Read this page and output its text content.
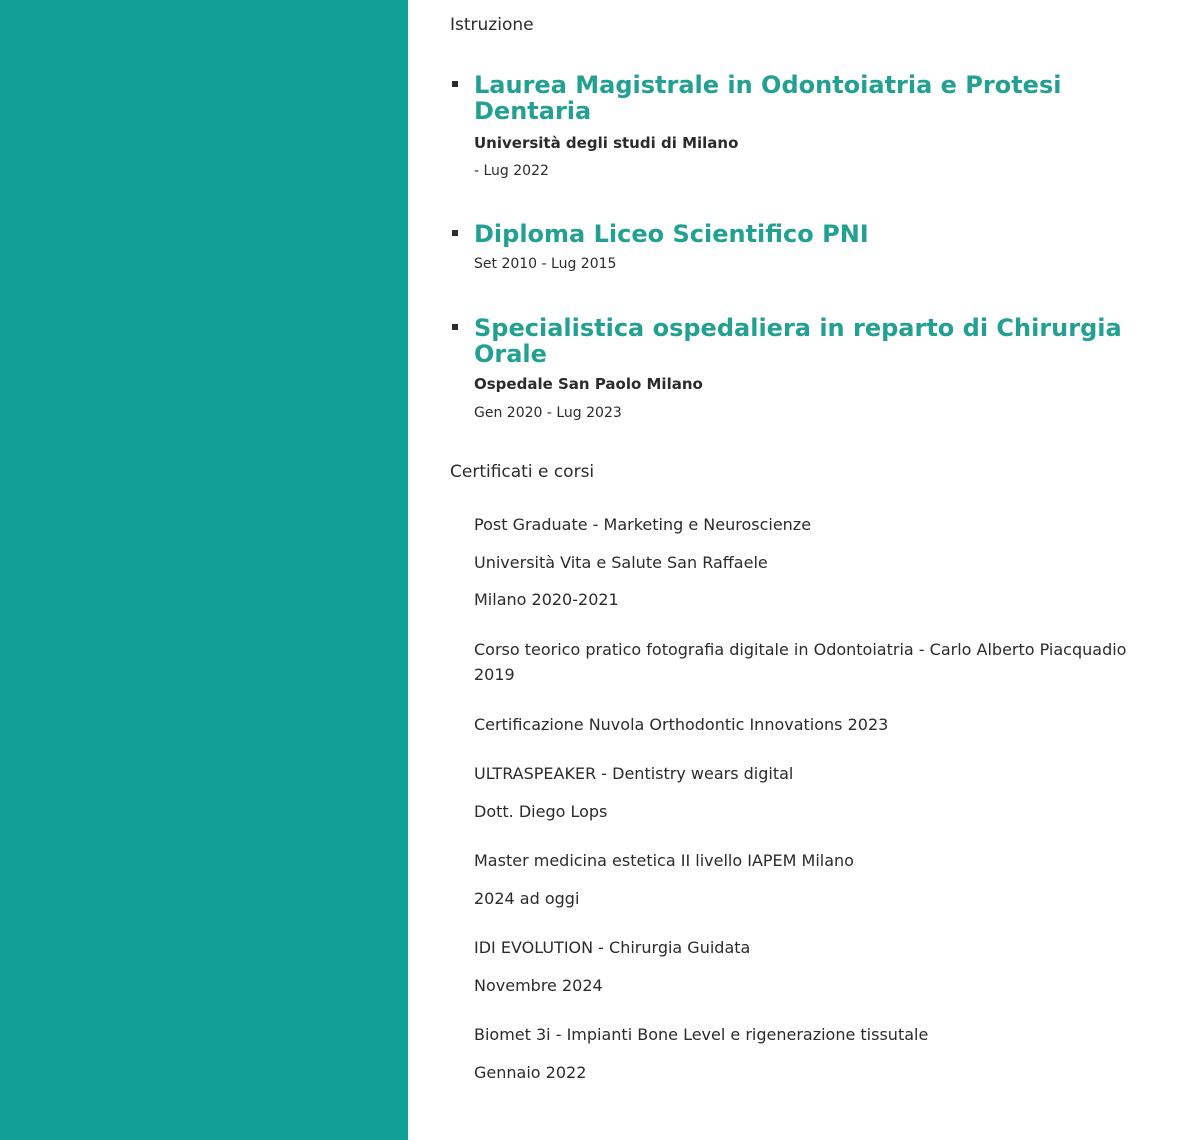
Istruzione
Laurea Magistrale in Odontoiatria e Protesi Dentaria
Università degli studi di Milano
- Lug 2022
Diploma Liceo Scientifico PNI
Set 2010 - Lug 2015
Specialistica ospedaliera in reparto di Chirurgia Orale
Ospedale San Paolo Milano
Gen 2020 - Lug 2023
Certificati e corsi
Post Graduate - Marketing e Neuroscienze
Università Vita e Salute San Raffaele
Milano 2020-2021
Corso teorico pratico fotografia digitale in Odontoiatria - Carlo Alberto Piacquadio 2019
Certificazione Nuvola Orthodontic Innovations 2023
ULTRASPEAKER - Dentistry wears digital
Dott. Diego Lops
Master medicina estetica II livello IAPEM Milano
2024 ad oggi
IDI EVOLUTION - Chirurgia Guidata
Novembre 2024
Biomet 3i - Impianti Bone Level e rigenerazione tissutale
Gennaio 2022
